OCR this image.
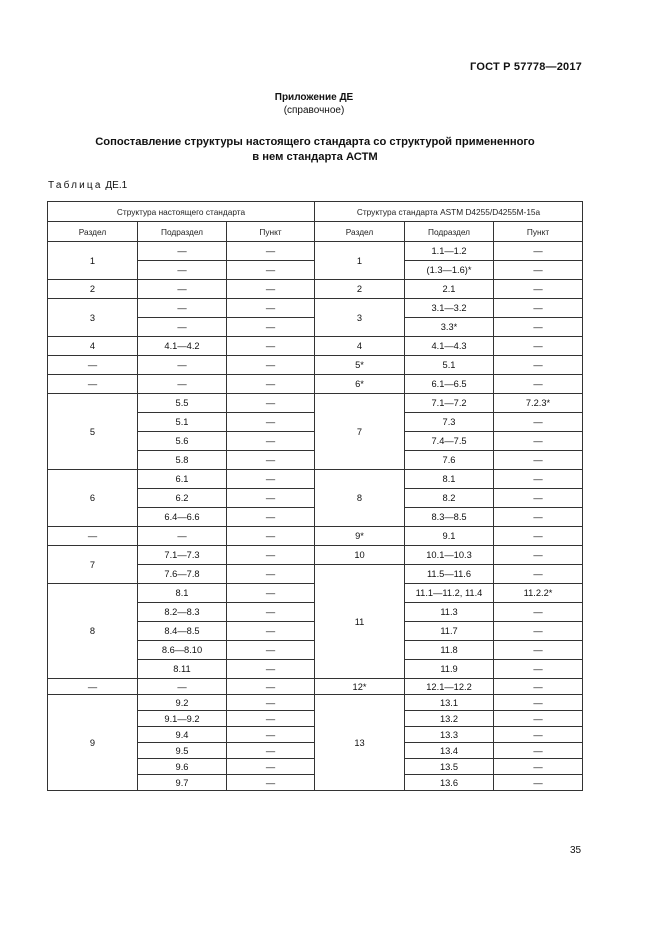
ГОСТ Р 57778—2017
Приложение ДЕ
(справочное)
Сопоставление структуры настоящего стандарта со структурой примененного
в нем стандарта АСТМ
Таблица ДЕ.1
Структура настоящего стандарта			Структура стандарта ASTM D4255/D4255M-15a		
Раздел	Подраздел	Пункт	Раздел	Подраздел	Пункт
1	—	—	1	1.1—1.2	—
	—	—		(1.3—1.6)*	—
2	—	—	2	2.1	—
3	—	—	3	3.1—3.2	—
	—	—		3.3*	—
4	4.1—4.2	—	4	4.1—4.3	—
—	—	—	5*	5.1	—
—	—	—	6*	6.1—6.5	—
5	5.5	—	7	7.1—7.2	7.2.3*
	5.1	—		7.3	—
	5.6	—		7.4—7.5	—
	5.8	—		7.6	—
6	6.1	—	8	8.1	—
	6.2	—		8.2	—
	6.4—6.6	—		8.3—8.5	—
—	—	—	9*	9.1	—
7	7.1—7.3	—	10	10.1—10.3	—
	7.6—7.8	—	11	11.5—11.6	—
8	8.1	—		11.1—11.2, 11.4	11.2.2*
	8.2—8.3	—		11.3	—
	8.4—8.5	—		11.7	—
	8.6—8.10	—		11.8	—
	8.11	—		11.9	—
—	—	—	12*	12.1—12.2	—
9	9.2	—	13	13.1	—
	9.1—9.2	—		13.2	—
	9.4	—		13.3	—
	9.5	—		13.4	—
	9.6	—		13.5	—
	9.7	—		13.6	—
35
